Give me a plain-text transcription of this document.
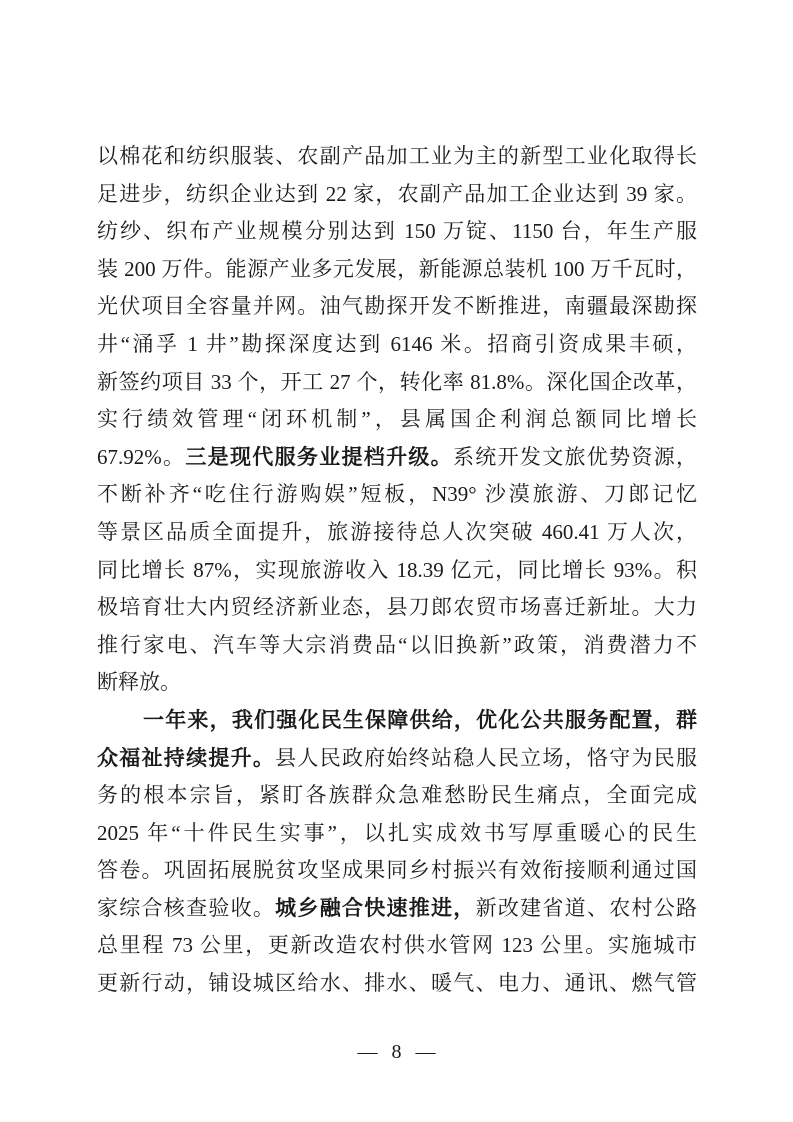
以棉花和纺织服装、农副产品加工业为主的新型工业化取得长
足进步，纺织企业达到 22 家，农副产品加工企业达到 39 家。
纺纱、织布产业规模分别达到 150 万锭、1150 台，年生产服
装 200 万件。能源产业多元发展，新能源总装机 100 万千瓦时，
光伏项目全容量并网。油气勘探开发不断推进，南疆最深勘探
井“涌孚 1 井”勘探深度达到 6146 米。招商引资成果丰硕，
新签约项目 33 个，开工 27 个，转化率 81.8%。深化国企改革，
实行绩效管理“闭环机制”，县属国企利润总额同比增长
67.92%。三是现代服务业提档升级。系统开发文旅优势资源，
不断补齐“吃住行游购娱”短板，N39° 沙漠旅游、刀郎记忆
等景区品质全面提升，旅游接待总人次突破 460.41 万人次，
同比增长 87%，实现旅游收入 18.39 亿元，同比增长 93%。积
极培育壮大内贸经济新业态，县刀郎农贸市场喜迁新址。大力
推行家电、汽车等大宗消费品“以旧换新”政策，消费潜力不
断释放。
一年来，我们强化民生保障供给，优化公共服务配置，群
众福祉持续提升。县人民政府始终站稳人民立场，恪守为民服
务的根本宗旨，紧盯各族群众急难愁盼民生痛点，全面完成
2025 年“十件民生实事”，以扎实成效书写厚重暖心的民生
答卷。巩固拓展脱贫攻坚成果同乡村振兴有效衔接顺利通过国
家综合核查验收。城乡融合快速推进，新改建省道、农村公路
总里程 73 公里，更新改造农村供水管网 123 公里。实施城市
更新行动，铺设城区给水、排水、暖气、电力、通讯、燃气管
— 8 —
